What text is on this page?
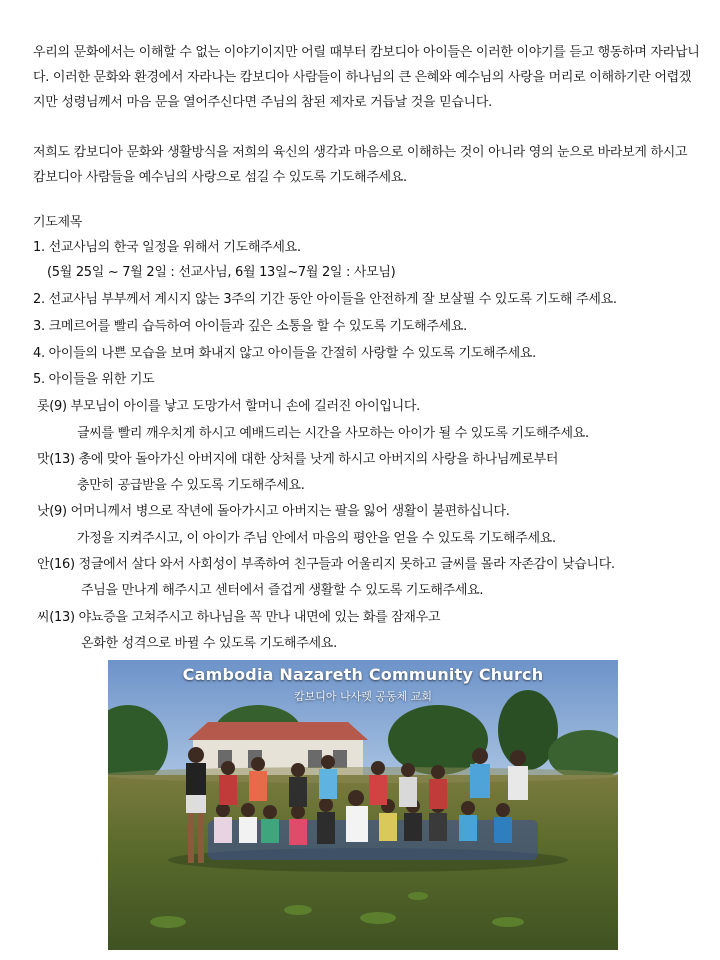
우리의 문화에서는 이해할 수 없는 이야기이지만 어릴 때부터 캄보디아 아이들은 이러한 이야기를 듣고 행동하며 자라납니다. 이러한 문화와 환경에서 자라나는 캄보디아 사람들이 하나님의 큰 은혜와 예수님의 사랑을 머리로 이해하기란 어렵겠지만 성령님께서 마음 문을 열어주신다면 주님의 참된 제자로 거듭날 것을 믿습니다.

저희도 캄보디아 문화와 생활방식을 저희의 육신의 생각과 마음으로 이해하는 것이 아니라 영의 눈으로 바라보게 하시고 캄보디아 사람들을 예수님의 사랑으로 섬길 수 있도록 기도해주세요.

기도제목
1. 선교사님의 한국 일정을 위해서 기도해주세요.
(5월 25일 ~ 7월 2일 : 선교사님, 6월 13일~7월 2일 : 사모님)
2. 선교사님 부부께서 계시지 않는 3주의 기간 동안 아이들을 안전하게 잘 보살필 수 있도록 기도해 주세요.
3. 크메르어를 빨리 습득하여 아이들과 깊은 소통을 할 수 있도록 기도해주세요.
4. 아이들의 나쁜 모습을 보며 화내지 않고 아이들을 간절히 사랑할 수 있도록 기도해주세요.
5. 아이들을 위한 기도
롯(9) 부모님이 아이를 낳고 도망가서 할머니 손에 길러진 아이입니다.
글씨를 빨리 깨우치게 하시고 예배드리는 시간을 사모하는 아이가 될 수 있도록 기도해주세요.
맛(13) 총에 맞아 돌아가신 아버지에 대한 상처를 낫게 하시고 아버지의 사랑을 하나님께로부터
충만히 공급받을 수 있도록 기도해주세요.
낫(9) 어머니께서 병으로 작년에 돌아가시고 아버지는 팔을 잃어 생활이 불편하십니다.
가정을 지켜주시고, 이 아이가 주님 안에서 마음의 평안을 얻을 수 있도록 기도해주세요.
안(16) 정글에서 살다 와서 사회성이 부족하여 친구들과 어울리지 못하고 글씨를 몰라 자존감이 낮습니다.
주님을 만나게 해주시고 센터에서 즐겁게 생활할 수 있도록 기도해주세요.
씨(13) 야뇨증을 고쳐주시고 하나님을 꼭 만나 내면에 있는 화를 잠재우고
온화한 성격으로 바뀔 수 있도록 기도해주세요.
Cambodia Nazareth Community Church
캄보디아 나사렛 공동체 교회
